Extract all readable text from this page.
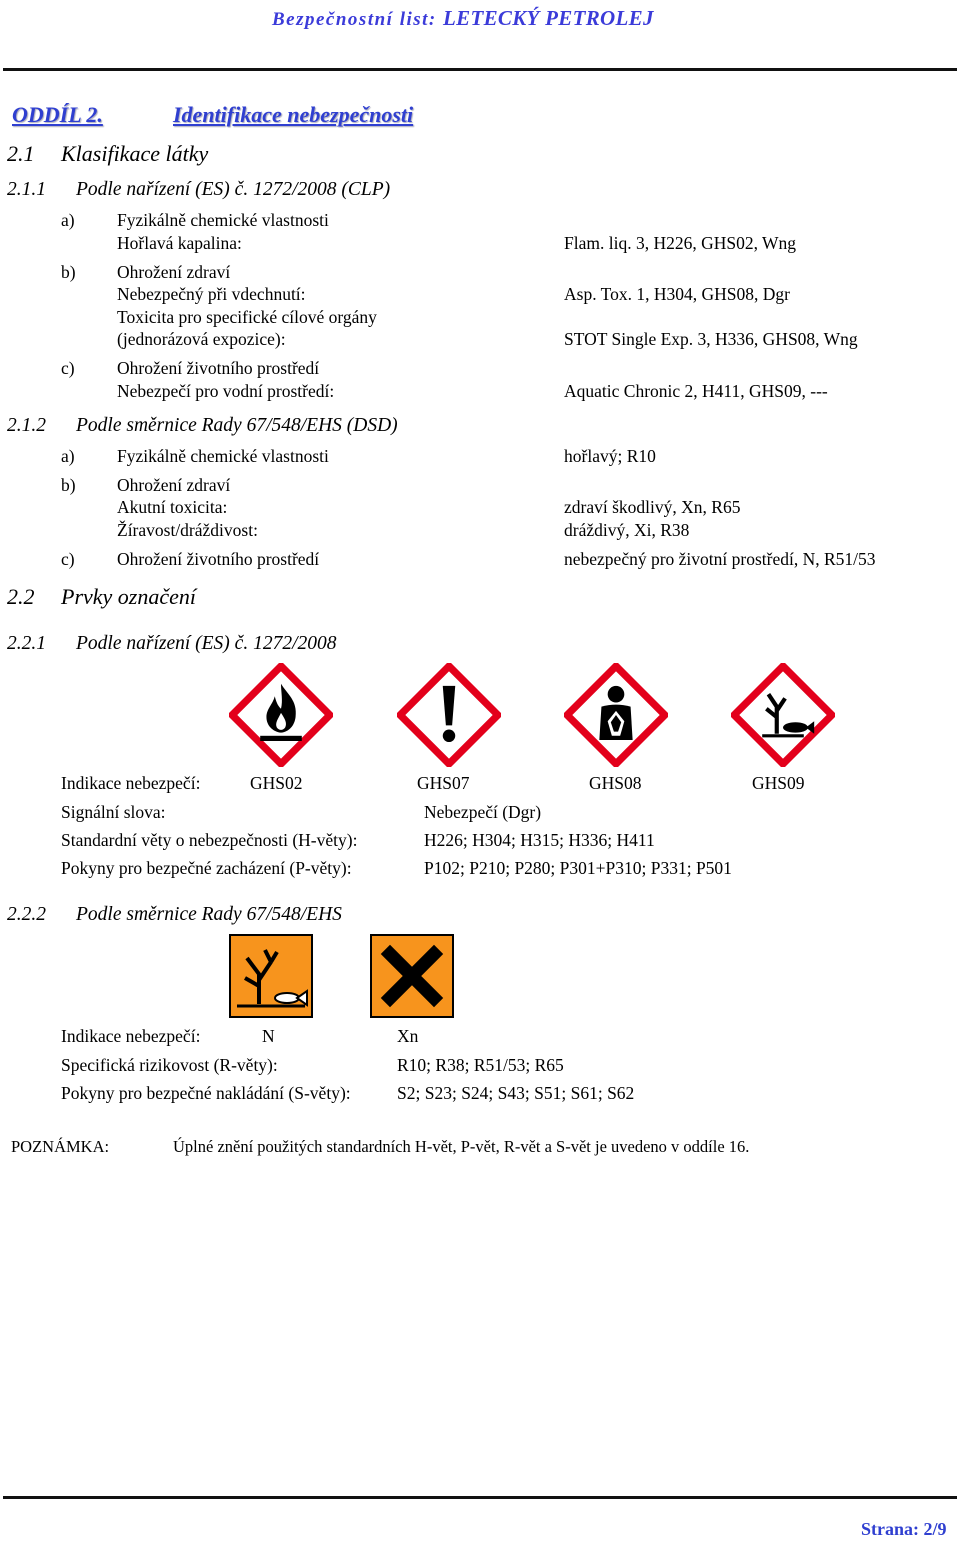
Bezpečnostní list: LETECKÝ PETROLEJ
ODDÍL 2.	Identifikace nebezpečnosti
2.1 Klasifikace látky
2.1.1 Podle nařízení (ES) č. 1272/2008 (CLP)
a) Fyzikálně chemické vlastnosti
Hořlavá kapalina:	Flam. liq. 3, H226, GHS02, Wng
b) Ohrožení zdraví
Nebezpečný při vdechnutí:	Asp. Tox. 1, H304, GHS08, Dgr
Toxicita pro specifické cílové orgány
(jednorázová expozice):	STOT Single Exp. 3, H336, GHS08, Wng
c) Ohrožení životního prostředí
Nebezpečí pro vodní prostředí:	Aquatic Chronic 2, H411, GHS09, ---
2.1.2 Podle směrnice Rady 67/548/EHS (DSD)
a) Fyzikálně chemické vlastnosti	hořlavý; R10
b) Ohrožení zdraví
Akutní toxicita:	zdraví škodlivý, Xn, R65
Žíravost/dráždivost:	dráždivý, Xi, R38
c) Ohrožení životního prostředí	nebezpečný pro životní prostředí, N, R51/53
2.2 Prvky označení
2.2.1 Podle nařízení (ES) č. 1272/2008
Indikace nebezpečí:	GHS02	GHS07	GHS08	GHS09
Signální slova:	Nebezpečí (Dgr)
Standardní věty o nebezpečnosti (H-věty):	H226; H304; H315; H336; H411
Pokyny pro bezpečné zacházení (P-věty):	P102; P210; P280; P301+P310; P331; P501
2.2.2 Podle směrnice Rady 67/548/EHS
Indikace nebezpečí:	N	Xn
Specifická rizikovost (R-věty):	R10; R38; R51/53; R65
Pokyny pro bezpečné nakládání (S-věty):	S2; S23; S24; S43; S51; S61; S62
POZNÁMKA:	Úplné znění použitých standardních H-vět, P-vět, R-vět a S-vět je uvedeno v oddíle 16.
Strana: 2/9
